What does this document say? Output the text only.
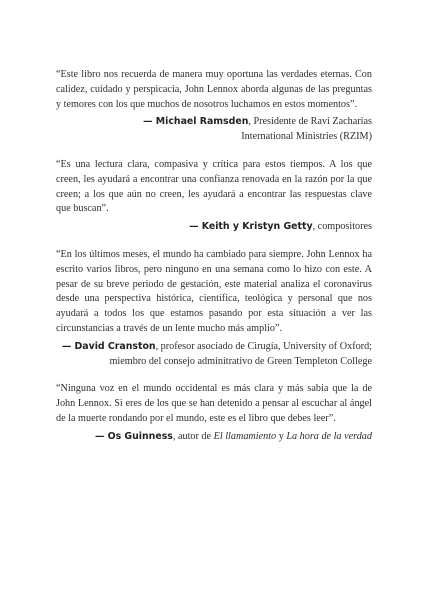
“Este libro nos recuerda de manera muy oportuna las verdades eternas. Con calidez, cuidado y perspicacia, John Lennox aborda algunas de las preguntas y temores con los que muchos de nosotros luchamos en estos momentos”.

— Michael Ramsden, Presidente de Ravi Zacharias
International Ministries (RZIM)

“Es una lectura clara, compasiva y crítica para estos tiempos. A los que creen, les ayudará a encontrar una confianza renovada en la razón por la que creen; a los que aún no creen, les ayudará a encontrar las respuestas clave que buscan”.

— Keith y Kristyn Getty, compositores

“En los últimos meses, el mundo ha cambiado para siempre. John Lennox ha escrito varios libros, pero ninguno en una semana como lo hizo con este. A pesar de su breve periodo de gestación, este material analiza el coronavirus desde una perspectiva histórica, científica, teológica y personal que nos ayudará a todos los que estamos pasando por esta situación a ver las circunstancias a través de un lente mucho más amplio”.

— David Cranston, profesor asociado de Cirugía, University of Oxford;
miembro del consejo adminitrativo de Green Templeton College

“Ninguna voz en el mundo occidental es más clara y más sabia que la de John Lennox. Si eres de los que se han detenido a pensar al escuchar al ángel de la muerte rondando por el mundo, este es el libro que debes leer”.

— Os Guinness, autor de El llamamiento y La hora de la verdad
